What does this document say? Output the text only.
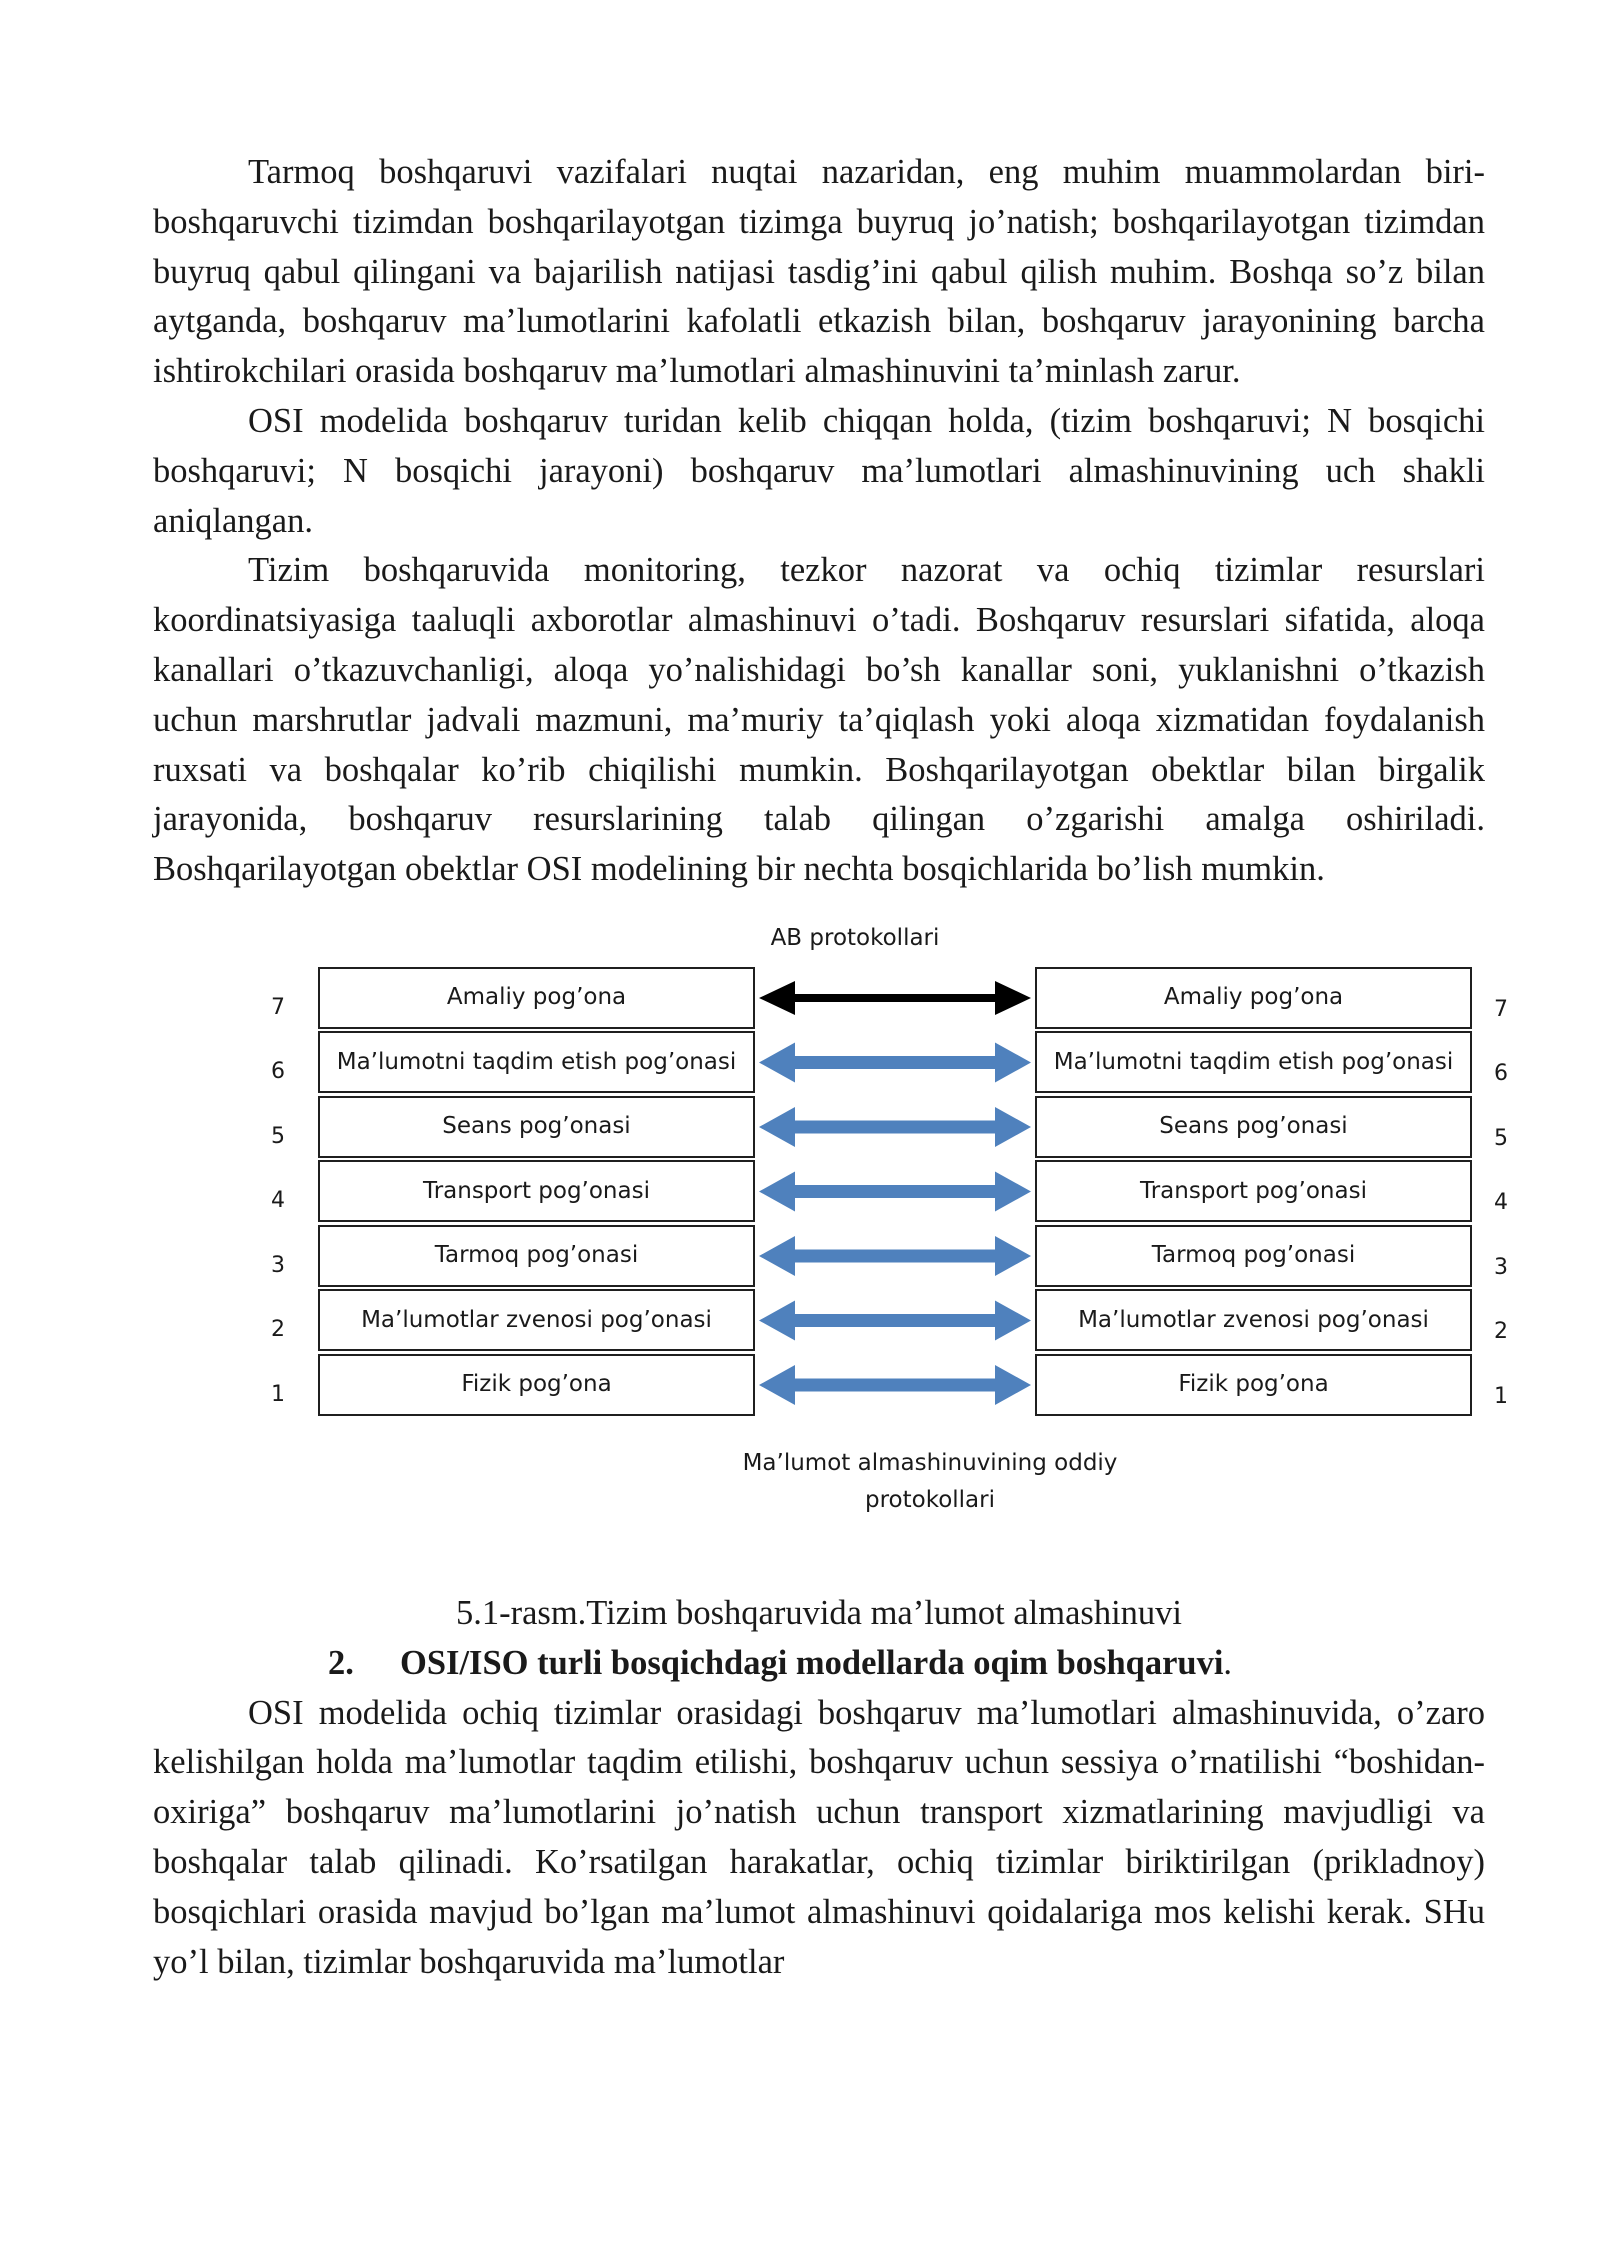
Tarmoq boshqaruvi vazifalari nuqtai nazaridan, eng muhim muammolardan biri- boshqaruvchi tizimdan boshqarilayotgan tizimga buyruq jo’natish; boshqarilayotgan tizimdan buyruq qabul qilingani va bajarilish natijasi tasdig’ini qabul qilish muhim. Boshqa so’z bilan aytganda, boshqaruv ma’lumotlarini kafolatli etkazish bilan, boshqaruv jarayonining barcha ishtirokchilari orasida boshqaruv ma’lumotlari almashinuvini ta’minlash zarur.

OSI modelida boshqaruv turidan kelib chiqqan holda, (tizim boshqaruvi; N bosqichi boshqaruvi; N bosqichi jarayoni) boshqaruv ma’lumotlari almashinuvining uch shakli aniqlangan.

Tizim boshqaruvida monitoring, tezkor nazorat va ochiq tizimlar resurslari koordinatsiyasiga taaluqli axborotlar almashinuvi o’tadi. Boshqaruv resurslari sifatida, aloqa kanallari o’tkazuvchanligi, aloqa yo’nalishidagi bo’sh kanallar soni, yuklanishni o’tkazish uchun marshrutlar jadvali mazmuni, ma’muriy ta’qiqlash yoki aloqa xizmatidan foydalanish ruxsati va boshqalar ko’rib chiqilishi mumkin. Boshqarilayotgan obektlar bilan birgalik jarayonida, boshqaruv resurslarining talab qilingan o’zgarishi amalga oshiriladi. Boshqarilayotgan obektlar OSI modelining bir nechta bosqichlarida bo’lish mumkin.

AB protokollari
7	Amaliy pog’ona	Amaliy pog’ona	7
6	Ma’lumotni taqdim etish pog’onasi	Ma’lumotni taqdim etish pog’onasi	6
5	Seans pog’onasi	Seans pog’onasi	5
4	Transport pog’onasi	Transport pog’onasi	4
3	Tarmoq pog’onasi	Tarmoq pog’onasi	3
2	Ma’lumotlar zvenosi pog’onasi	Ma’lumotlar zvenosi pog’onasi	2
1	Fizik pog’ona	Fizik pog’ona	1
Ma’lumot almashinuvining oddiy
protokollari

5.1-rasm.Tizim boshqaruvida ma’lumot almashinuvi

2. OSI/ISO turli bosqichdagi modellarda oqim boshqaruvi.

OSI modelida ochiq tizimlar orasidagi boshqaruv ma’lumotlari almashinuvida, o’zaro kelishilgan holda ma’lumotlar taqdim etilishi, boshqaruv uchun sessiya o’rnatilishi “boshidan-oxiriga” boshqaruv ma’lumotlarini jo’natish uchun transport xizmatlarining mavjudligi va boshqalar talab qilinadi. Ko’rsatilgan harakatlar, ochiq tizimlar biriktirilgan (prikladnoy) bosqichlari orasida mavjud bo’lgan ma’lumot almashinuvi qoidalariga mos kelishi kerak. SHu yo’l bilan, tizimlar boshqaruvida ma’lumotlar
